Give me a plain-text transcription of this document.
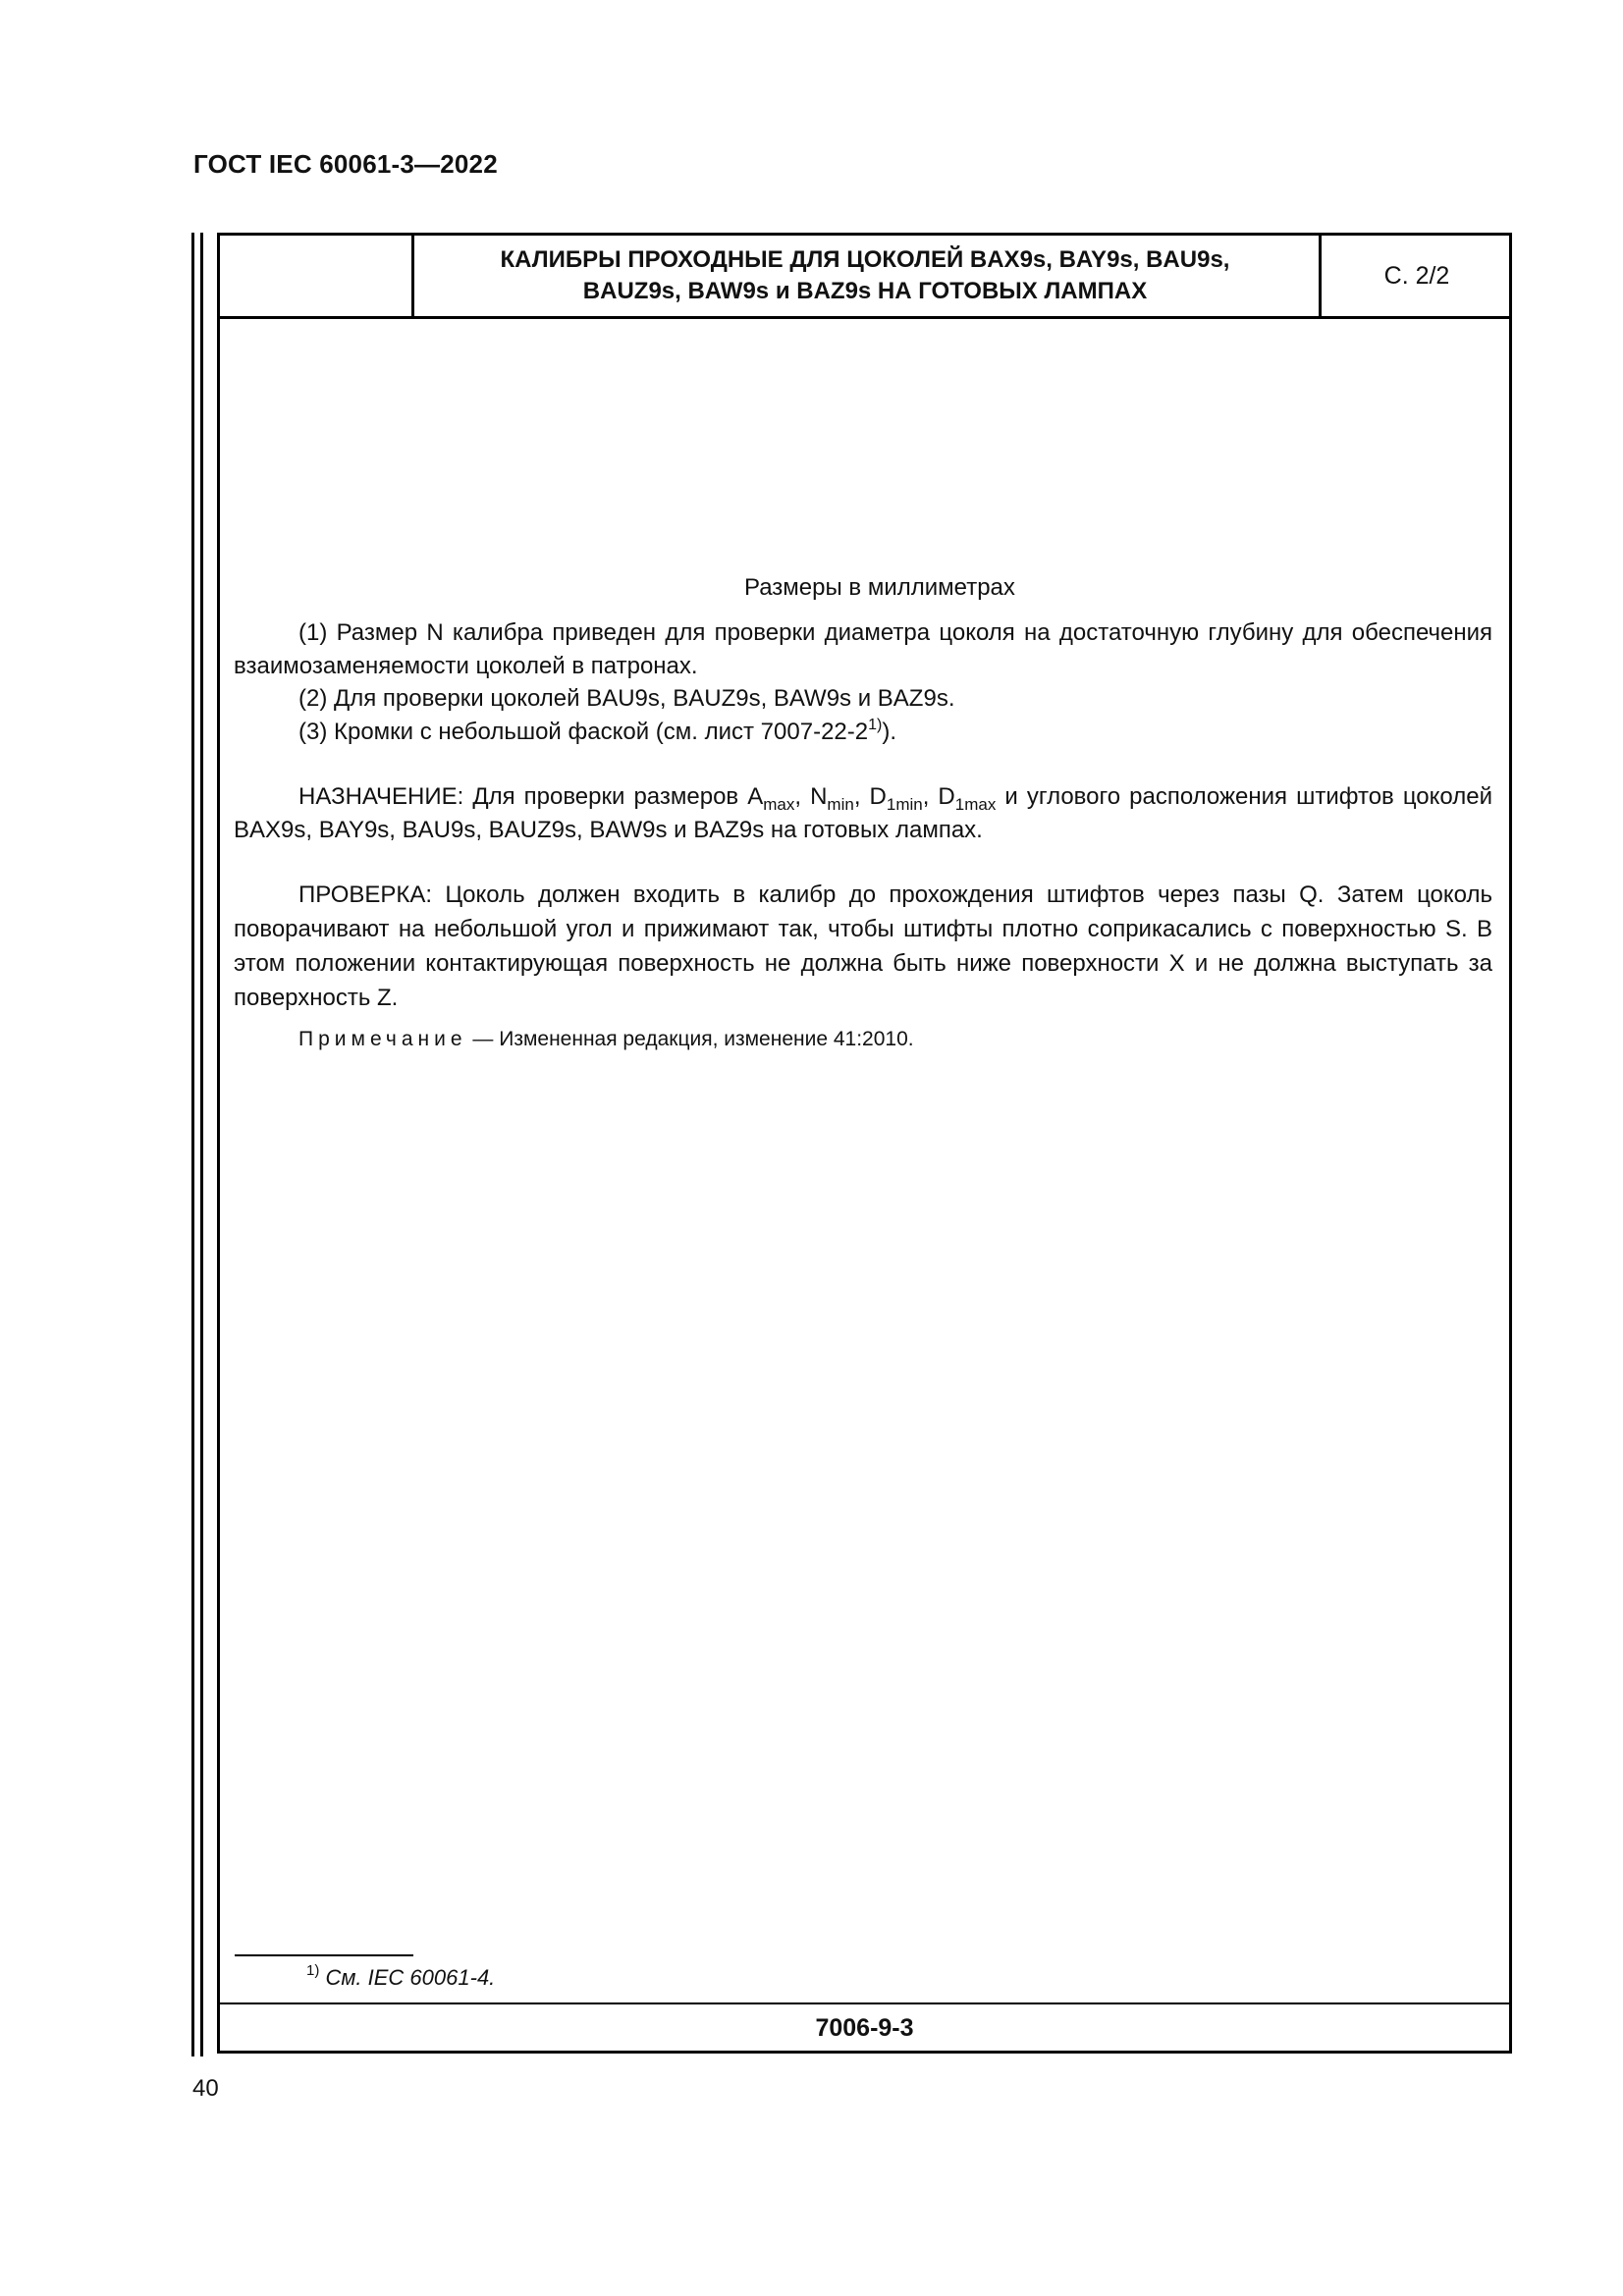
ГОСТ IEC 60061-3—2022
КАЛИБРЫ ПРОХОДНЫЕ ДЛЯ ЦОКОЛЕЙ BAX9s, BAY9s, BAU9s,
BAUZ9s, BAW9s и BAZ9s НА ГОТОВЫХ ЛАМПАХ
С. 2/2
Размеры в миллиметрах

(1) Размер N калибра приведен для проверки диаметра цоколя на достаточную глубину для обеспечения взаимозаменяемости цоколей в патронах.

(2) Для проверки цоколей BAU9s, BAUZ9s, BAW9s и BAZ9s.

(3) Кромки с небольшой фаской (см. лист 7007-22-2$^{1)}$).

НАЗНАЧЕНИЕ: Для проверки размеров $A_{max}$, $N_{min}$, $D_{1min}$, $D_{1max}$ и углового расположения штифтов цоколей BAX9s, BAY9s, BAU9s, BAUZ9s, BAW9s и BAZ9s на готовых лампах.

ПРОВЕРКА: Цоколь должен входить в калибр до прохождения штифтов через пазы Q. Затем цоколь поворачивают на небольшой угол и прижимают так, чтобы штифты плотно соприкасались с поверхностью S. В этом положении контактирующая поверхность не должна быть ниже поверхности X и не должна выступать за поверхность Z.

Примечание — Измененная редакция, изменение 41:2010.

$^{1)}$ См. IEC 60061-4.
7006-9-3
40
